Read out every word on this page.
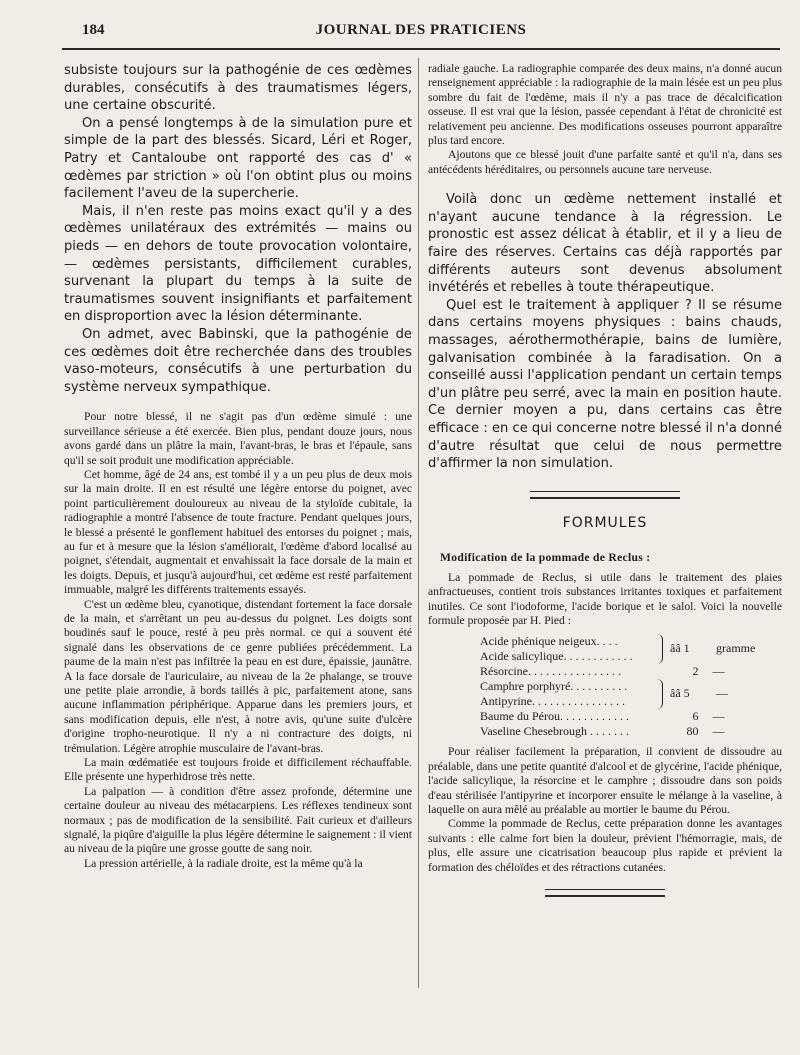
JOURNAL DES PRATICIENS
184

subsiste toujours sur la pathogénie de ces œdèmes durables, consécutifs à des traumatismes légers, une certaine obscurité.

On a pensé longtemps à de la simulation pure et simple de la part des blessés. Sicard, Léri et Roger, Patry et Cantaloube ont rapporté des cas d' « œdèmes par striction » où l'on obtint plus ou moins facilement l'aveu de la supercherie.

Mais, il n'en reste pas moins exact qu'il y a des œdèmes unilatéraux des extrémités — mains ou pieds — en dehors de toute provocation volontaire, — œdèmes persistants, difficilement curables, survenant la plupart du temps à la suite de traumatismes souvent insignifiants et parfaitement en disproportion avec la lésion déterminante.

On admet, avec Babinski, que la pathogénie de ces œdèmes doit être recherchée dans des troubles vaso-moteurs, consécutifs à une perturbation du système nerveux sympathique.

Pour notre blessé, il ne s'agit pas d'un œdème simulé : une surveillance sérieuse a été exercée. Bien plus, pendant douze jours, nous avons gardé dans un plâtre la main, l'avant-bras, le bras et l'épaule, sans qu'il se soit produit une modification appréciable.

Cet homme, âgé de 24 ans, est tombé il y a un peu plus de deux mois sur la main droite. Il en est résulté une légère entorse du poignet, avec point particulièrement douloureux au niveau de la styloïde cubitale, la radiographie a montré l'absence de toute fracture. Pendant quelques jours, le blessé a présenté le gonflement habituel des entorses du poignet ; mais, au fur et à mesure que la lésion s'améliorait, l'œdème d'abord localisé au poignet, s'étendait, augmentait et envahissait la face dorsale de la main et les doigts. Depuis, et jusqu'à aujourd'hui, cet œdème est resté parfaitement immuable, malgré les différents traitements essayés.

C'est un œdème bleu, cyanotique, distendant fortement la face dorsale de la main, et s'arrêtant un peu au-dessus du poignet. Les doigts sont boudinés sauf le pouce, resté à peu près normal. ce qui a souvent été signalé dans les observations de ce genre publiées précédemment. La paume de la main n'est pas infiltrée la peau en est dure, épaissie, jaunâtre. A la face dorsale de l'auriculaire, au niveau de la 2e phalange, se trouve une petite plaie arrondie, à bords taillés à pic, parfaitement atone, sans aucune inflammation périphérique. Apparue dans les premiers jours, et sans modification depuis, elle n'est, à notre avis, qu'une suite d'ulcère d'origine tropho-neurotique. Il n'y a ni contracture des doigts, ni trémulation. Légère atrophie musculaire de l'avant-bras.

La main œdématiée est toujours froide et difficilement réchauffable. Elle présente une hyperhidrose très nette.

La palpation — à condition d'être assez profonde, détermine une certaine douleur au niveau des métacarpiens. Les réflexes tendineux sont normaux ; pas de modification de la sensibilité. Fait curieux et d'ailleurs signalé, la piqûre d'aiguille la plus légère détermine le saignement : il vient au niveau de la piqûre une grosse goutte de sang noir.

La pression artérielle, à la radiale droite, est la même qu'à la

radiale gauche. La radiographie comparée des deux mains, n'a donné aucun renseignement appréciable : la radiographie de la main lésée est un peu plus sombre du fait de l'œdème, mais il n'y a pas trace de décalcification osseuse. Il est vrai que la lésion, passée cependant à l'état de chronicité est relativement peu ancienne. Des modifications osseuses pourront apparaître plus tard encore.

Ajoutons que ce blessé jouit d'une parfaite santé et qu'il n'a, dans ses antécédents héréditaires, ou personnels aucune tare nerveuse.

Voilà donc un œdème nettement installé et n'ayant aucune tendance à la régression. Le pronostic est assez délicat à établir, et il y a lieu de faire des réserves. Certains cas déjà rapportés par différents auteurs sont devenus absolument invétérés et rebelles à toute thérapeutique.

Quel est le traitement à appliquer ? Il se résume dans certains moyens physiques : bains chauds, massages, aérothermothérapie, bains de lumière, galvanisation combinée à la faradisation. On a conseillé aussi l'application pendant un certain temps d'un plâtre peu serré, avec la main en position haute. Ce dernier moyen a pu, dans certains cas être efficace : en ce qui concerne notre blessé il n'a donné d'autre résultat que celui de nous permettre d'affirmer la non simulation.

FORMULES
Modification de la pommade de Reclus :

La pommade de Reclus, si utile dans le traitement des plaies anfractueuses, contient trois substances irritantes toxiques et parfaitement inutiles. Ce sont l'iodoforme, l'acide borique et le salol. Voici la nouvelle formule proposée par H. Pied :

Acide phénique neigeux. . . .
Acide salicylique. . . . . . . . . . . .
ââ 1 gramme
Résorcine. . . . . . . . . . . . . . . .	2	—
Camphre porphyré. . . . . . . . . .
Antipyrine. . . . . . . . . . . . . . . .
ââ 5 —
Baume du Pérou. . . . . . . . . . . .	6	—
Vaseline Chesebrough . . . . . . .	80	—

Pour réaliser facilement la préparation, il convient de dissoudre au préalable, dans une petite quantité d'alcool et de glycérine, l'acide phénique, l'acide salicylique, la résorcine et le camphre ; dissoudre dans son poids d'eau stérilisée l'antipyrine et incorporer ensuite le mélange à la vaseline, à laquelle on aura mêlé au préalable au mortier le baume du Pérou.

Comme la pommade de Reclus, cette préparation donne les avantages suivants : elle calme fort bien la douleur, prévient l'hémorragie, mais, de plus, elle assure une cicatrisation beaucoup plus rapide et prévient la formation des chéloïdes et des rétractions cutanées.
